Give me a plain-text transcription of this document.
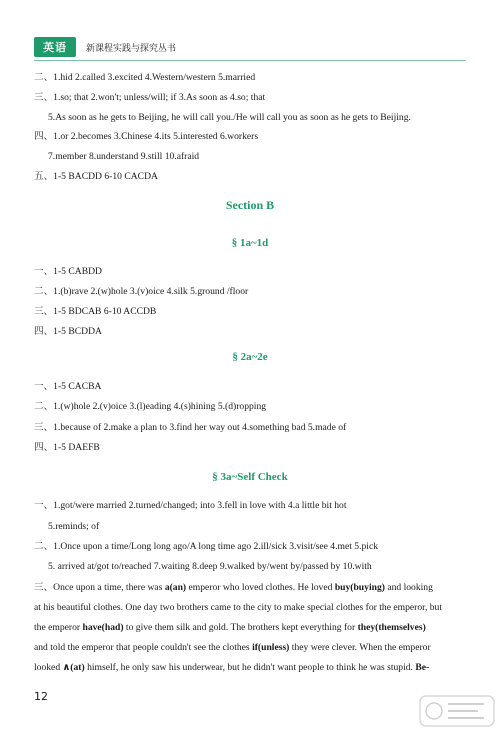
英语	新课程实践与探究丛书
二、1.hid 2.called 3.excited 4.Western/western 5.married
三、1.so; that 2.won't; unless/will; if 3.As soon as 4.so; that
5.As soon as he gets to Beijing, he will call you./He will call you as soon as he gets to Beijing.
四、1.or 2.becomes 3.Chinese 4.its 5.interested 6.workers
7.member 8.understand 9.still 10.afraid
五、1-5 BACDD 6-10 CACDA
Section B
§ 1a~1d
一、1-5 CABDD
二、1.(b)rave 2.(w)hole 3.(v)oice 4.silk 5.ground /floor
三、1-5 BDCAB 6-10 ACCDB
四、1-5 BCDDA
§ 2a~2e
一、1-5 CACBA
二、1.(w)hole 2.(v)oice 3.(l)eading 4.(s)hining 5.(d)ropping
三、1.because of 2.make a plan to 3.find her way out 4.something bad 5.made of
四、1-5 DAEFB
§ 3a~Self Check
一、1.got/were married 2.turned/changed; into 3.fell in love with 4.a little bit hot
5.reminds; of
二、1.Once upon a time/Long long ago/A long time ago 2.ill/sick 3.visit/see 4.met 5.pick
5. arrived at/got to/reached 7.waiting 8.deep 9.walked by/went by/passed by 10.with
三、Once upon a time, there was a(an) emperor who loved clothes. He loved buy(buying) and looking
at his beautiful clothes. One day two brothers came to the city to make special clothes for the emperor, but
the emperor have(had) to give them silk and gold. The brothers kept everything for they(themselves)
and told the emperor that people couldn't see the clothes if(unless) they were clever. When the emperor
looked ∧(at) himself, he only saw his underwear, but he didn't want people to think he was stupid. Be-
12
